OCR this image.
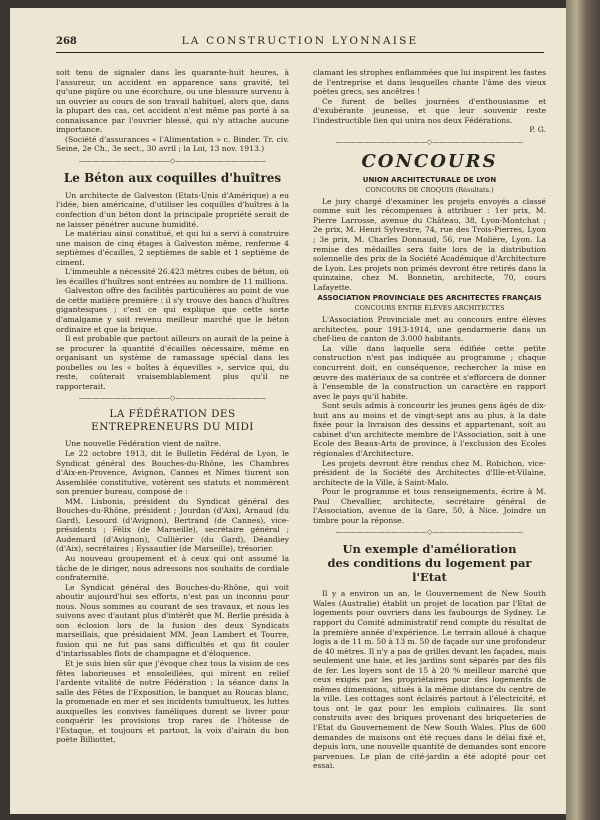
268	LA CONSTRUCTION LYONNAISE

soit tenu de signaler dans les quarante-huit heures, à l'assureur, un accident en apparence sans gravité, tel qu'une piqûre ou une écorchure, ou une blessure survenu à un ouvrier au cours de son travail habituel, alors que, dans la plupart des cas, cet accident n'est même pas porté à sa connaissance par l'ouvrier blessé, qui n'y attache aucune importance.

(Société d'assurances « l'Alimentation » c. Binder. Tr. civ. Seine, 2e Ch., 3e sect., 30 avril ; la Loi, 13 nov. 1913.)

—————————————◇—————————————
Le Béton aux coquilles d'huîtres

Un architecte de Galveston (Etats-Unis d'Amérique) a eu l'idée, bien américaine, d'utiliser les coquilles d'huîtres à la confection d'un béton dont la principale propriété serait de ne laisser pénétrer aucune humidité.

Le matériau ainsi constitué, et qui lui a servi à construire une maison de cinq étages à Galveston même, renferme 4 septièmes d'écailles, 2 septièmes de sable et 1 septième de ciment.

L'immeuble a nécessité 26.423 mètres cubes de béton, où les écailles d'huîtres sont entrées au nombre de 11 millions.

Galveston offre des facilités particulières au point de vue de cette matière première : il s'y trouve des bancs d'huîtres gigantesques ; c'est ce qui explique que cette sorte d'amalgame y soit revenu meilleur marché que le béton ordinaire et que la brique.

Il est probable que partout ailleurs on aurait de la peine à se procurer la quantité d'écailles nécessaire, même en organisant un système de ramassage spécial dans les poubelles ou les « boîtes à équevilles », service qui, du reste, coûterait vraisemblablement plus qu'il ne rapporterait.

—————————————◇—————————————
LA FÉDÉRATION DES ENTREPRENEURS DU MIDI

Une nouvelle Fédération vient de naître.

Le 22 octobre 1913, dit le Bulletin Fédéral de Lyon, le Syndicat général des Bouches-du-Rhône, les Chambres d'Aix-en-Provence, Avignon, Cannes et Nîmes tiurent son Assemblée constitutive, votèrent ses statuts et nommèrent son premier bureau, composé de :

MM. Lisbonis, président du Syndicat général des Bouches-du-Rhône, président ; Jourdan (d'Aix), Arnaud (du Gard), Lesourd (d'Avignon), Bertrand (de Cannes), vice-présidents ; Félix (de Marseille), secrétaire général ; Audemard (d'Avignon), Cullièrier (du Gard), Déandiey (d'Aix), secrétaires ; Eyssautier (de Marseille), trésorier.

Au nouveau groupement et à ceux qui ont assumé la tâche de le diriger, nous adressons nos souhaits de cordiale confraternité.

Le Syndicat général des Bouches-du-Rhône, qui voit aboutir aujourd'hui ses efforts, n'est pas un inconnu pour nous. Nous sommes au courant de ses travaux, et nous les suivons avec d'autant plus d'intérêt que M. Berlie présida à son éclosion lors de la fusion des deux Syndicats marseillais, que présidaient MM. Jean Lambert et Tourre, fusion qui ne fut pas sans difficultés et qui fit couler d'intarissables flots de champagne et d'éloquence.

Et je suis bien sûr que j'évoque chez tous la vision de ces fêtes laborieuses et ensoleillées, qui mirent en relief l'ardente vitalité de notre Fédération : la séance dans la salle des Fêtes de l'Exposition, le banquet au Roucas blanc, la promenade en mer et ses incidents tumultueux, les luttes auxquelles les convives faméliques durent se livrer pour conquérir les provisions trop rares de l'hôtesse de l'Estaque, et toujours et partout, la voix d'airain du bon poète Billiottet,

clamant les strophes enflammées que lui inspirent les fastes de l'entreprise et dans lesquelles chante l'âme des vieux poètes grecs, ses ancêtres !

Ce furent de belles journées d'enthousiasme et d'exubérante jeunesse, et que leur souvenir reste l'indestructible lien qui unira nos deux Fédérations.

P. G.
—————————————◇—————————————
CONCOURS
UNION ARCHITECTURALE DE LYON
CONCOURS DE CROQUIS (Résultats.)

Le jury chargé d'examiner les projets envoyés a classé comme suit les récompenses à attribuer : 1er prix, M. Pierre Larrosse, avenue du Château, 38, Lyon-Montchat ; 2e prix, M. Henri Sylvestre, 74, rue des Trois-Pierres, Lyon ; 3e prix, M. Charles Donnaud, 56, rue Molière, Lyon. La remise des médailles sera faite lors de la distribution solennelle des prix de la Société Académique d'Architecture de Lyon. Les projets non primés devront être retirés dans la quinzaine, chez M. Bonnetin, architecte, 70, cours Lafayette.

ASSOCIATION PROVINCIALE DES ARCHITECTES FRANÇAIS
CONCOURS ENTRE ÉLÈVES ARCHITECTES

L'Association Provinciale met au concours entre élèves architectes, pour 1913-1914, une gendarmerie dans un chef-lieu de canton de 3.000 habitants.

La ville dans laquelle sera édifiée cette petite construction n'est pas indiquée au programme ; chaque concurrent doit, en conséquence, rechercher la mise en œuvre des matériaux de sa contrée et s'efforcera de donner à l'ensemble de la construction un caractère en rapport avec le pays qu'il habite.

Sont seuls admis à concourir les jeunes gens âgés de dix-huit ans au moins et de vingt-sept ans au plus, à la date fixée pour la livraison des dessins et appartenant, soit au cabinet d'un architecte membre de l'Association, soit à une Ecole des Beaux-Arts de province, à l'exclusion des Ecoles régionales d'Architecture.

Les projets devront être rendus chez M. Robichon, vice-président de la Société des Architectes d'Ille-et-Vilaine, architecte de la Ville, à Saint-Malo.

Pour le programme et tous renseignements, écrire à M. Paul Chevallier, architecte, secrétaire général de l'Association, avenue de la Gare, 50, à Nice. Joindre un timbre pour la réponse.

—————————————◇—————————————
Un exemple d'amélioration
des conditions du logement par l'Etat

Il y a environ un an, le Gouvernement de New South Wales (Australie) établit un projet de location par l'Etat de logements pour ouvriers dans les faubourgs de Sydney. Le rapport du Comité administratif rend compte du résultat de la première année d'expérience. Le terrain alloué à chaque logis a de 11 m. 50 à 13 m. 50 de façade sur une profondeur de 40 mètres. Il n'y a pas de grilles devant les façades, mais seulement une haie, et les jardins sont séparés par des fils de fer. Les loyers sont de 15 à 20 % meilleur marché que ceux exigés par les propriétaires pour des logements de mêmes dimensions, situés à la même distance du centre de la ville. Les cottages sont éclairés partout à l'électricité, et tous ont le gaz pour les emplois culinaires. Ils sont construits avec des briques provenant des briqueteries de l'Etat du Gouvernement de New South Wales. Plus de 600 demandes de maisons ont été reçues dans le délai fixé et, depuis lors, une nouvelle quantité de demandes sont encore parvenues. Le plan de cité-jardin a été adopté pour cet essai.
